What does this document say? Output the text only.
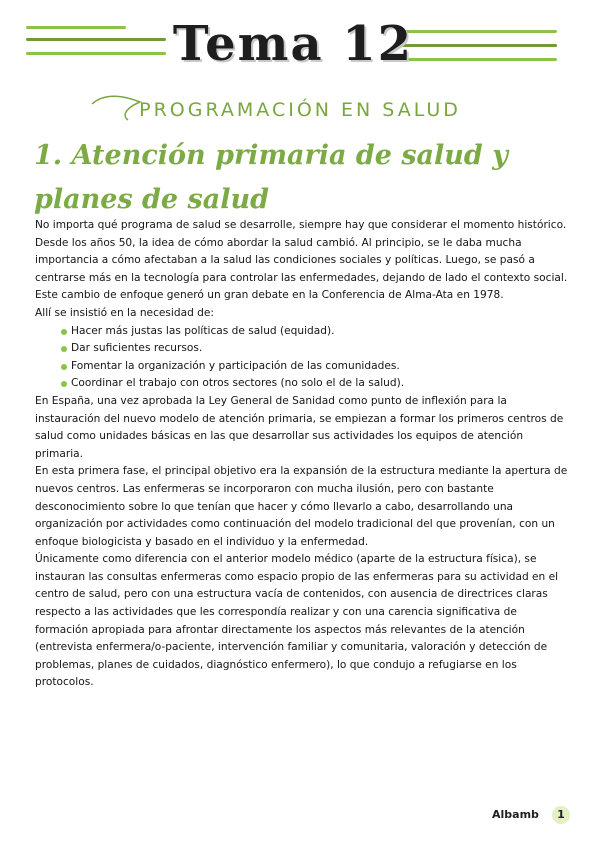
Tema 12
PROGRAMACIÓN EN SALUD
1. Atención primaria de salud y planes de salud

No importa qué programa de salud se desarrolle, siempre hay que considerar el momento histórico.

Desde los años 50, la idea de cómo abordar la salud cambió. Al principio, se le daba mucha importancia a cómo afectaban a la salud las condiciones sociales y políticas. Luego, se pasó a centrarse más en la tecnología para controlar las enfermedades, dejando de lado el contexto social. Este cambio de enfoque generó un gran debate en la Conferencia de Alma-Ata en 1978.

Allí se insistió en la necesidad de:

Hacer más justas las políticas de salud (equidad).
Dar suficientes recursos.
Fomentar la organización y participación de las comunidades.
Coordinar el trabajo con otros sectores (no solo el de la salud).

En España, una vez aprobada la Ley General de Sanidad como punto de inflexión para la instauración del nuevo modelo de atención primaria, se empiezan a formar los primeros centros de salud como unidades básicas en las que desarrollar sus actividades los equipos de atención primaria.

En esta primera fase, el principal objetivo era la expansión de la estructura mediante la apertura de nuevos centros. Las enfermeras se incorporaron con mucha ilusión, pero con bastante desconocimiento sobre lo que tenían que hacer y cómo llevarlo a cabo, desarrollando una organización por actividades como continuación del modelo tradicional del que provenían, con un enfoque biologicista y basado en el individuo y la enfermedad.

Únicamente como diferencia con el anterior modelo médico (aparte de la estructura física), se instauran las consultas enfermeras como espacio propio de las enfermeras para su actividad en el centro de salud, pero con una estructura vacía de contenidos, con ausencia de directrices claras respecto a las actividades que les correspondía realizar y con una carencia significativa de formación apropiada para afrontar directamente los aspectos más relevantes de la atención (entrevista enfermera/o-paciente, intervención familiar y comunitaria, valoración y detección de problemas, planes de cuidados, diagnóstico enfermero), lo que condujo a refugiarse en los protocolos.

Albamb	1
